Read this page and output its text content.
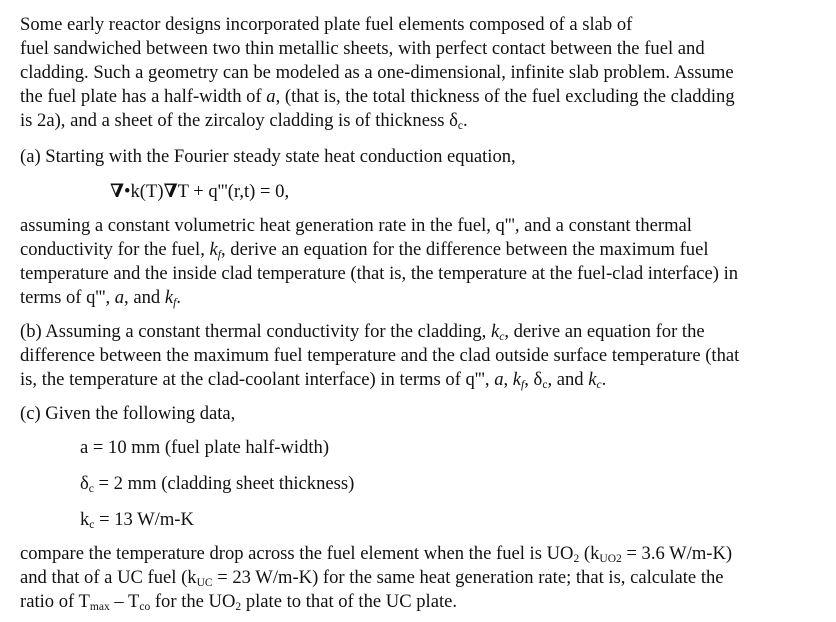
Some early reactor designs incorporated plate fuel elements composed of a slab of
fuel sandwiched between two thin metallic sheets, with perfect contact between the fuel and
cladding. Such a geometry can be modeled as a one-dimensional, infinite slab problem. Assume
the fuel plate has a half-width of a, (that is, the total thickness of the fuel excluding the cladding
is 2a), and a sheet of the zircaloy cladding is of thickness $\delta_c$.
(a) Starting with the Fourier steady state heat conduction equation,
∇•k(T)∇T + q'''(r,t) = 0,
assuming a constant volumetric heat generation rate in the fuel, q''', and a constant thermal
conductivity for the fuel, $k_f$, derive an equation for the difference between the maximum fuel
temperature and the inside clad temperature (that is, the temperature at the fuel-clad interface) in
terms of q''', a, and $k_f$.
(b) Assuming a constant thermal conductivity for the cladding, $k_c$, derive an equation for the
difference between the maximum fuel temperature and the clad outside surface temperature (that
is, the temperature at the clad-coolant interface) in terms of q''', a, $k_f$, $\delta_c$, and $k_c$.
(c) Given the following data,
a = 10 mm (fuel plate half-width)
$\delta_c = 2$ mm (cladding sheet thickness)
$k_c = 13$ W/m-K
compare the temperature drop across the fuel element when the fuel is $UO_2$ ($k_{UO2} = 3.6$ W/m-K)
and that of a UC fuel ($k_{UC} = 23$ W/m-K) for the same heat generation rate; that is, calculate the
ratio of $T_{max} - T_{co}$ for the $UO_2$ plate to that of the UC plate.
